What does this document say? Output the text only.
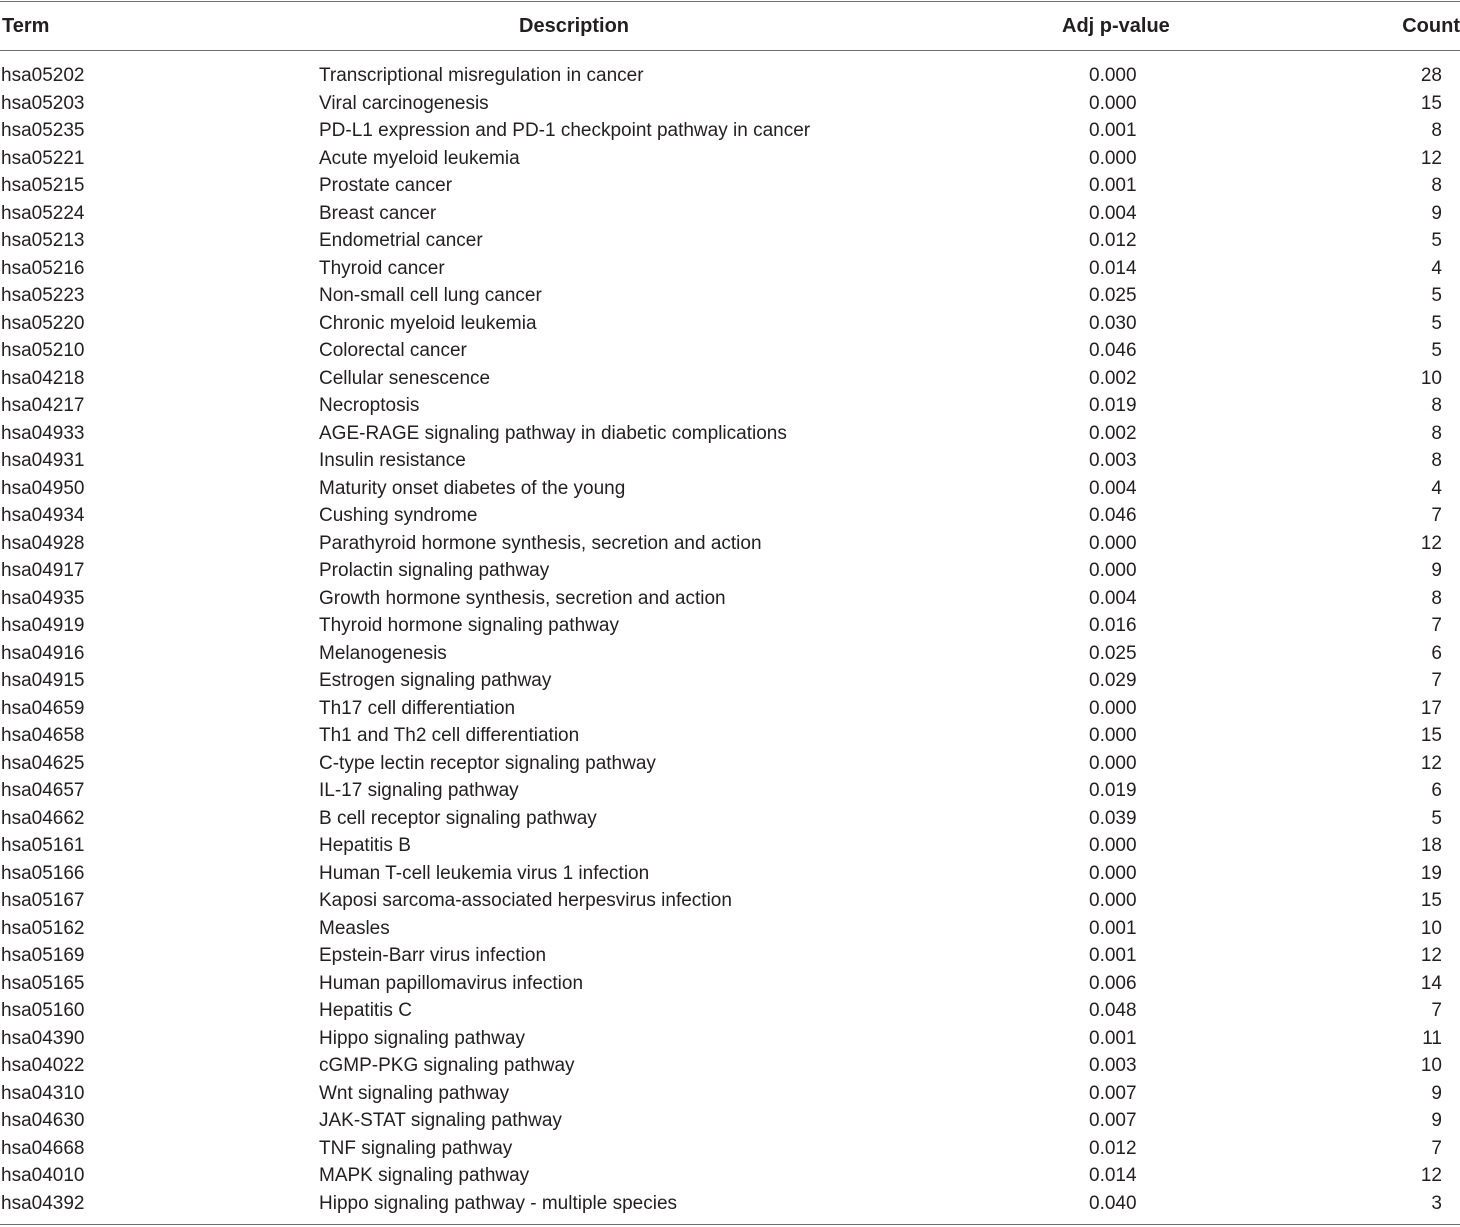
Term	Description	Adj p-value	Count
hsa05202	Transcriptional misregulation in cancer	0.000	28
hsa05203	Viral carcinogenesis	0.000	15
hsa05235	PD-L1 expression and PD-1 checkpoint pathway in cancer	0.001	8
hsa05221	Acute myeloid leukemia	0.000	12
hsa05215	Prostate cancer	0.001	8
hsa05224	Breast cancer	0.004	9
hsa05213	Endometrial cancer	0.012	5
hsa05216	Thyroid cancer	0.014	4
hsa05223	Non-small cell lung cancer	0.025	5
hsa05220	Chronic myeloid leukemia	0.030	5
hsa05210	Colorectal cancer	0.046	5
hsa04218	Cellular senescence	0.002	10
hsa04217	Necroptosis	0.019	8
hsa04933	AGE-RAGE signaling pathway in diabetic complications	0.002	8
hsa04931	Insulin resistance	0.003	8
hsa04950	Maturity onset diabetes of the young	0.004	4
hsa04934	Cushing syndrome	0.046	7
hsa04928	Parathyroid hormone synthesis, secretion and action	0.000	12
hsa04917	Prolactin signaling pathway	0.000	9
hsa04935	Growth hormone synthesis, secretion and action	0.004	8
hsa04919	Thyroid hormone signaling pathway	0.016	7
hsa04916	Melanogenesis	0.025	6
hsa04915	Estrogen signaling pathway	0.029	7
hsa04659	Th17 cell differentiation	0.000	17
hsa04658	Th1 and Th2 cell differentiation	0.000	15
hsa04625	C-type lectin receptor signaling pathway	0.000	12
hsa04657	IL-17 signaling pathway	0.019	6
hsa04662	B cell receptor signaling pathway	0.039	5
hsa05161	Hepatitis B	0.000	18
hsa05166	Human T-cell leukemia virus 1 infection	0.000	19
hsa05167	Kaposi sarcoma-associated herpesvirus infection	0.000	15
hsa05162	Measles	0.001	10
hsa05169	Epstein-Barr virus infection	0.001	12
hsa05165	Human papillomavirus infection	0.006	14
hsa05160	Hepatitis C	0.048	7
hsa04390	Hippo signaling pathway	0.001	11
hsa04022	cGMP-PKG signaling pathway	0.003	10
hsa04310	Wnt signaling pathway	0.007	9
hsa04630	JAK-STAT signaling pathway	0.007	9
hsa04668	TNF signaling pathway	0.012	7
hsa04010	MAPK signaling pathway	0.014	12
hsa04392	Hippo signaling pathway - multiple species	0.040	3
